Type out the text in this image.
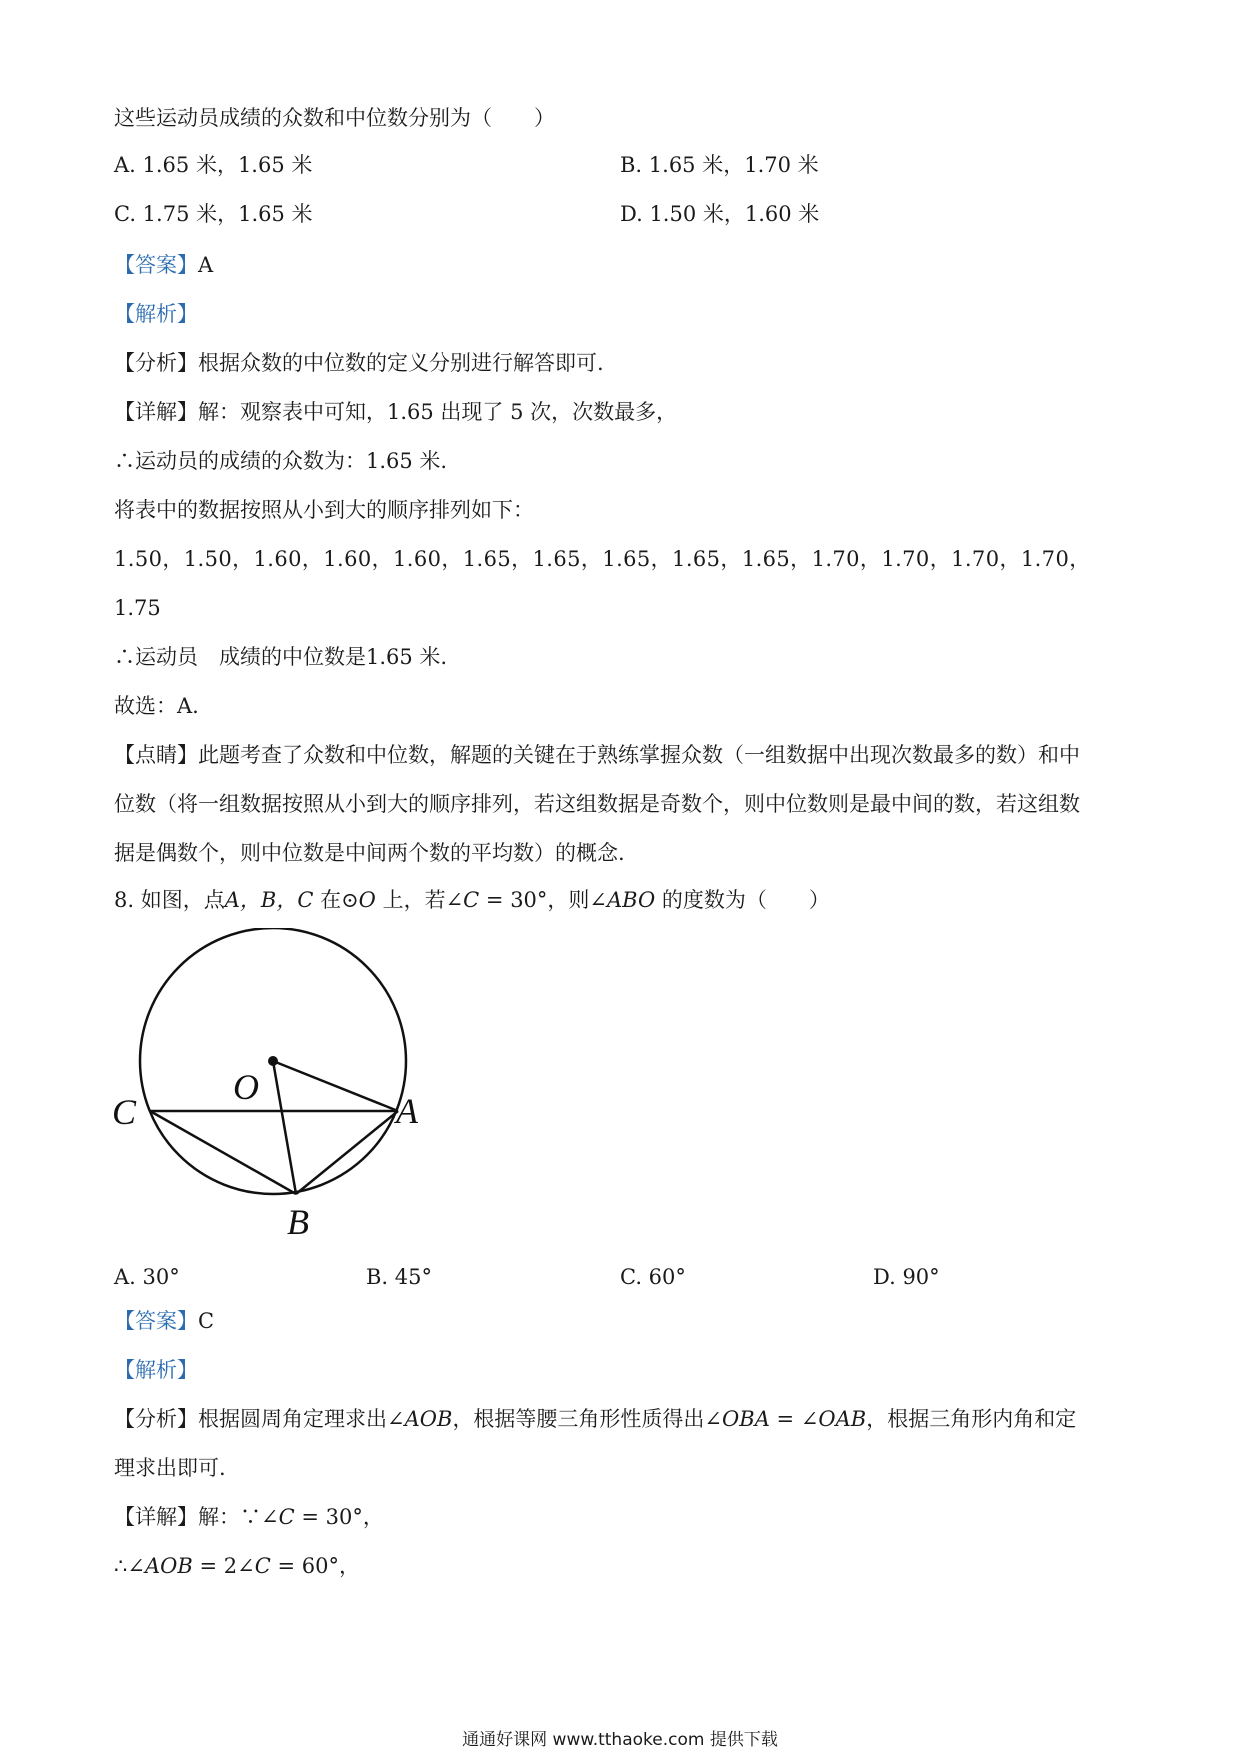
这些运动员成绩的众数和中位数分别为（　　）
A. 1.65 米，1.65 米	B. 1.65 米，1.70 米
C. 1.75 米，1.65 米	D. 1.50 米，1.60 米
【答案】A
【解析】
【分析】根据众数的中位数的定义分别进行解答即可.
【详解】解：观察表中可知，1.65 出现了 5 次，次数最多，
∴运动员的成绩的众数为：1.65 米.
将表中的数据按照从小到大的顺序排列如下：
1.50，1.50，1.60，1.60，1.60，1.65，1.65，1.65，1.65，1.65，1.70，1.70，1.70，1.70，
1.75
∴运动员　成绩的中位数是1.65 米.
故选：A.
【点睛】此题考查了众数和中位数，解题的关键在于熟练掌握众数（一组数据中出现次数最多的数）和中
位数（将一组数据按照从小到大的顺序排列，若这组数据是奇数个，则中位数则是最中间的数，若这组数
据是偶数个，则中位数是中间两个数的平均数）的概念.
8. 如图，点A，B，C 在⊙O 上，若∠C = 30°，则∠ABO 的度数为（　　）
O
C	A
B
A. 30°	B. 45°	C. 60°	D. 90°
【答案】C
【解析】
【分析】根据圆周角定理求出∠AOB，根据等腰三角形性质得出∠OBA = ∠OAB，根据三角形内角和定
理求出即可.
【详解】解：∵∠C = 30°，
∴∠AOB = 2∠C = 60°，
通通好课网 www.tthaoke.com 提供下载
